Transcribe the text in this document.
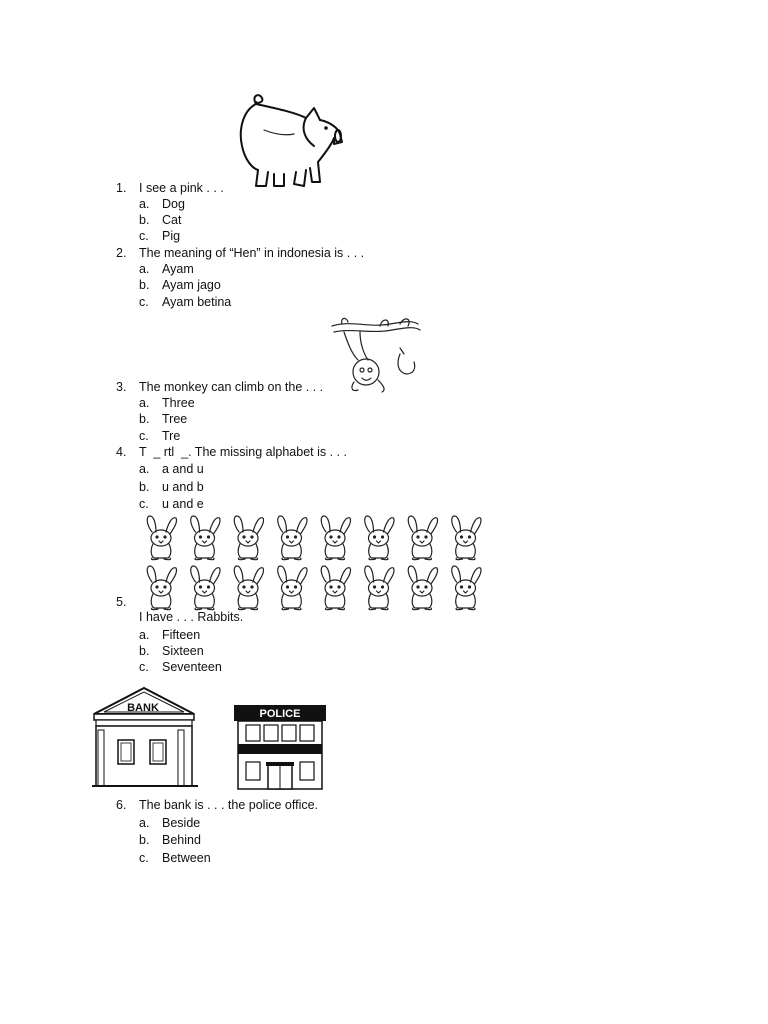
1. I see a pink . . .
a. Dog
b. Cat
c. Pig
2. The meaning of “Hen” in indonesia is . . .
a. Ayam
b. Ayam jago
c. Ayam betina
3. The monkey can climb on the . . .
a. Three
b. Tree
c. Tre
4. T  _ rtl  _. The missing alphabet is . . .
a. a and u
b. u and b
c. u and e
5.
I have . . . Rabbits.
a. Fifteen
b. Sixteen
c. Seventeen
BANK	POLICE
6. The bank is . . . the police office.
a. Beside
b. Behind
c. Between
